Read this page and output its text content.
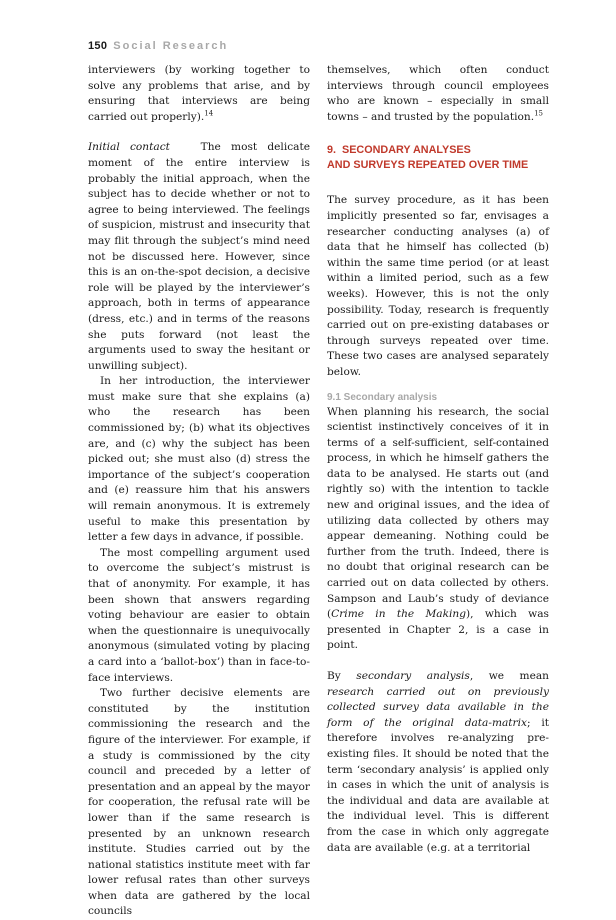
150 Social Research

interviewers (by working together to solve any problems that arise, and by ensuring that interviews are being carried out properly).$^{14}$

Initial contact	The most delicate moment of the entire interview is probably the initial approach, when the subject has to decide whether or not to agree to being interviewed. The feelings of suspicion, mistrust and insecurity that may flit through the subject’s mind need not be discussed here. However, since this is an on-the-spot decision, a decisive role will be played by the interviewer’s approach, both in terms of appearance (dress, etc.) and in terms of the reasons she puts forward (not least the arguments used to sway the hesitant or unwilling subject).

In her introduction, the interviewer must make sure that she explains (a) who the research has been commissioned by; (b) what its objectives are, and (c) why the subject has been picked out; she must also (d) stress the importance of the subject’s cooperation and (e) reassure him that his answers will remain anonymous. It is extremely useful to make this presentation by letter a few days in advance, if possible.

The most compelling argument used to overcome the subject’s mistrust is that of anonymity. For example, it has been shown that answers regarding voting behaviour are easier to obtain when the questionnaire is unequivocally anonymous (simulated voting by placing a card into a ‘ballot-box’) than in face-to-face interviews.

Two further decisive elements are constituted by the institution commissioning the research and the figure of the interviewer. For example, if a study is commissioned by the city council and preceded by a letter of presentation and an appeal by the mayor for cooperation, the refusal rate will be lower than if the same research is presented by an unknown research institute. Studies carried out by the national statistics institute meet with far lower refusal rates than other surveys when data are gathered by the local councils

themselves, which often conduct interviews through council employees who are known – especially in small towns – and trusted by the population.$^{15}$

9.  SECONDARY ANALYSES
AND SURVEYS REPEATED OVER TIME

The survey procedure, as it has been implicitly presented so far, envisages a researcher conducting analyses (a) of data that he himself has collected (b) within the same time period (or at least within a limited period, such as a few weeks). However, this is not the only possibility. Today, research is frequently carried out on pre-existing databases or through surveys repeated over time. These two cases are analysed separately below.

9.1 Secondary analysis

When planning his research, the social scientist instinctively conceives of it in terms of a self-sufficient, self-contained process, in which he himself gathers the data to be analysed. He starts out (and rightly so) with the intention to tackle new and original issues, and the idea of utilizing data collected by others may appear demeaning. Nothing could be further from the truth. Indeed, there is no doubt that original research can be carried out on data collected by others. Sampson and Laub’s study of deviance (Crime in the Making), which was presented in Chapter 2, is a case in point.

By secondary analysis, we mean research carried out on previously collected survey data available in the form of the original data-matrix; it therefore involves re-analyzing pre-existing files. It should be noted that the term ‘secondary analysis’ is applied only in cases in which the unit of analysis is the individual and data are available at the individual level. This is different from the case in which only aggregate data are available (e.g. at a territorial
